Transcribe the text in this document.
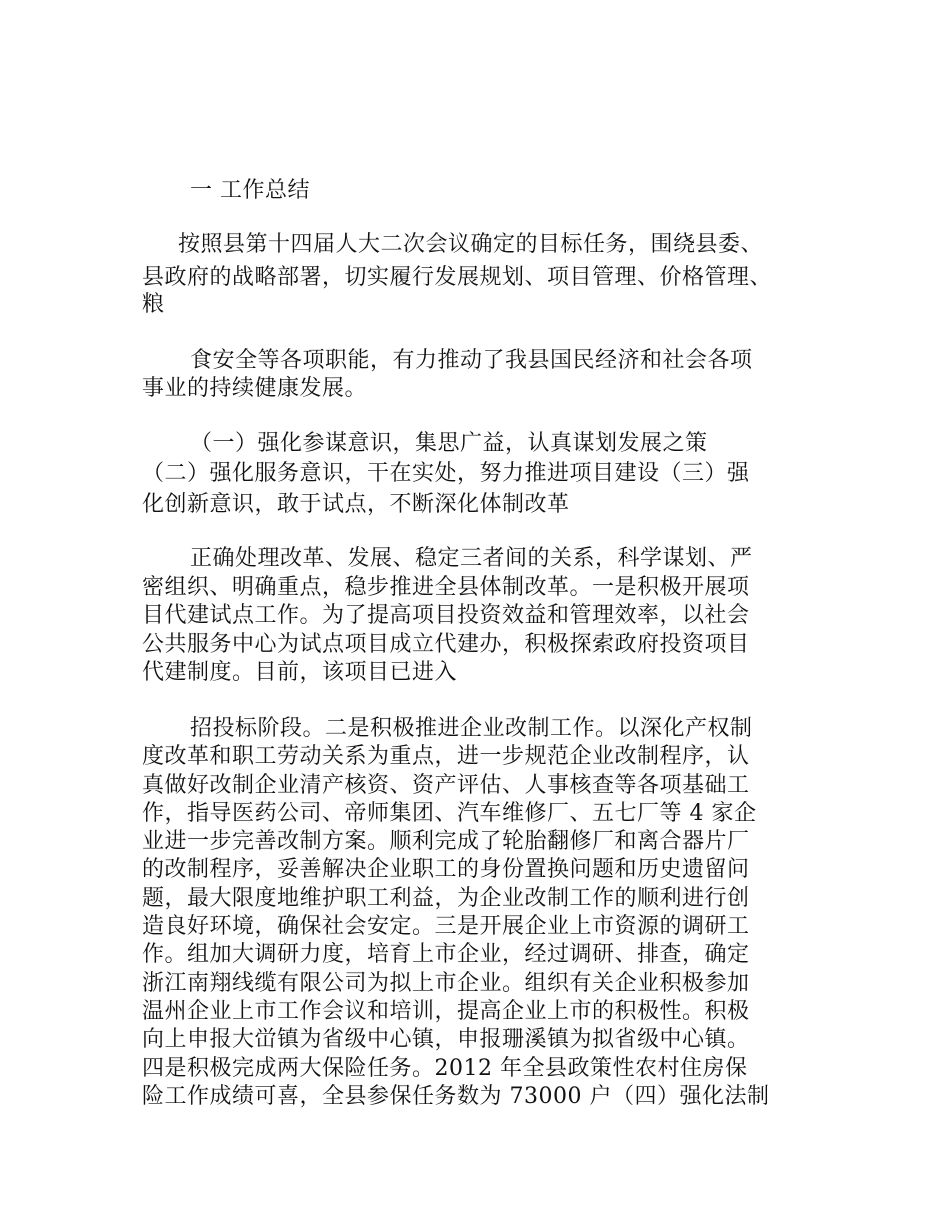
一 工作总结
按照县第十四届人大二次会议确定的目标任务，围绕县委、
县政府的战略部署，切实履行发展规划、项目管理、价格管理、
粮
食安全等各项职能，有力推动了我县国民经济和社会各项
事业的持续健康发展。
（一）强化参谋意识，集思广益，认真谋划发展之策
（二）强化服务意识，干在实处，努力推进项目建设（三）强
化创新意识，敢于试点，不断深化体制改革
正确处理改革、发展、稳定三者间的关系，科学谋划、严
密组织、明确重点，稳步推进全县体制改革。一是积极开展项
目代建试点工作。为了提高项目投资效益和管理效率，以社会
公共服务中心为试点项目成立代建办，积极探索政府投资项目
代建制度。目前，该项目已进入
招投标阶段。二是积极推进企业改制工作。以深化产权制
度改革和职工劳动关系为重点，进一步规范企业改制程序，认
真做好改制企业清产核资、资产评估、人事核查等各项基础工
作，指导医药公司、帝师集团、汽车维修厂、五七厂等 4 家企
业进一步完善改制方案。顺利完成了轮胎翻修厂和离合器片厂
的改制程序，妥善解决企业职工的身份置换问题和历史遗留问
题，最大限度地维护职工利益，为企业改制工作的顺利进行创
造良好环境，确保社会安定。三是开展企业上市资源的调研工
作。组加大调研力度，培育上市企业，经过调研、排查，确定
浙江南翔线缆有限公司为拟上市企业。组织有关企业积极参加
温州企业上市工作会议和培训，提高企业上市的积极性。积极
向上申报大峃镇为省级中心镇，申报珊溪镇为拟省级中心镇。
四是积极完成两大保险任务。2012 年全县政策性农村住房保
险工作成绩可喜，全县参保任务数为 73000 户（四）强化法制
